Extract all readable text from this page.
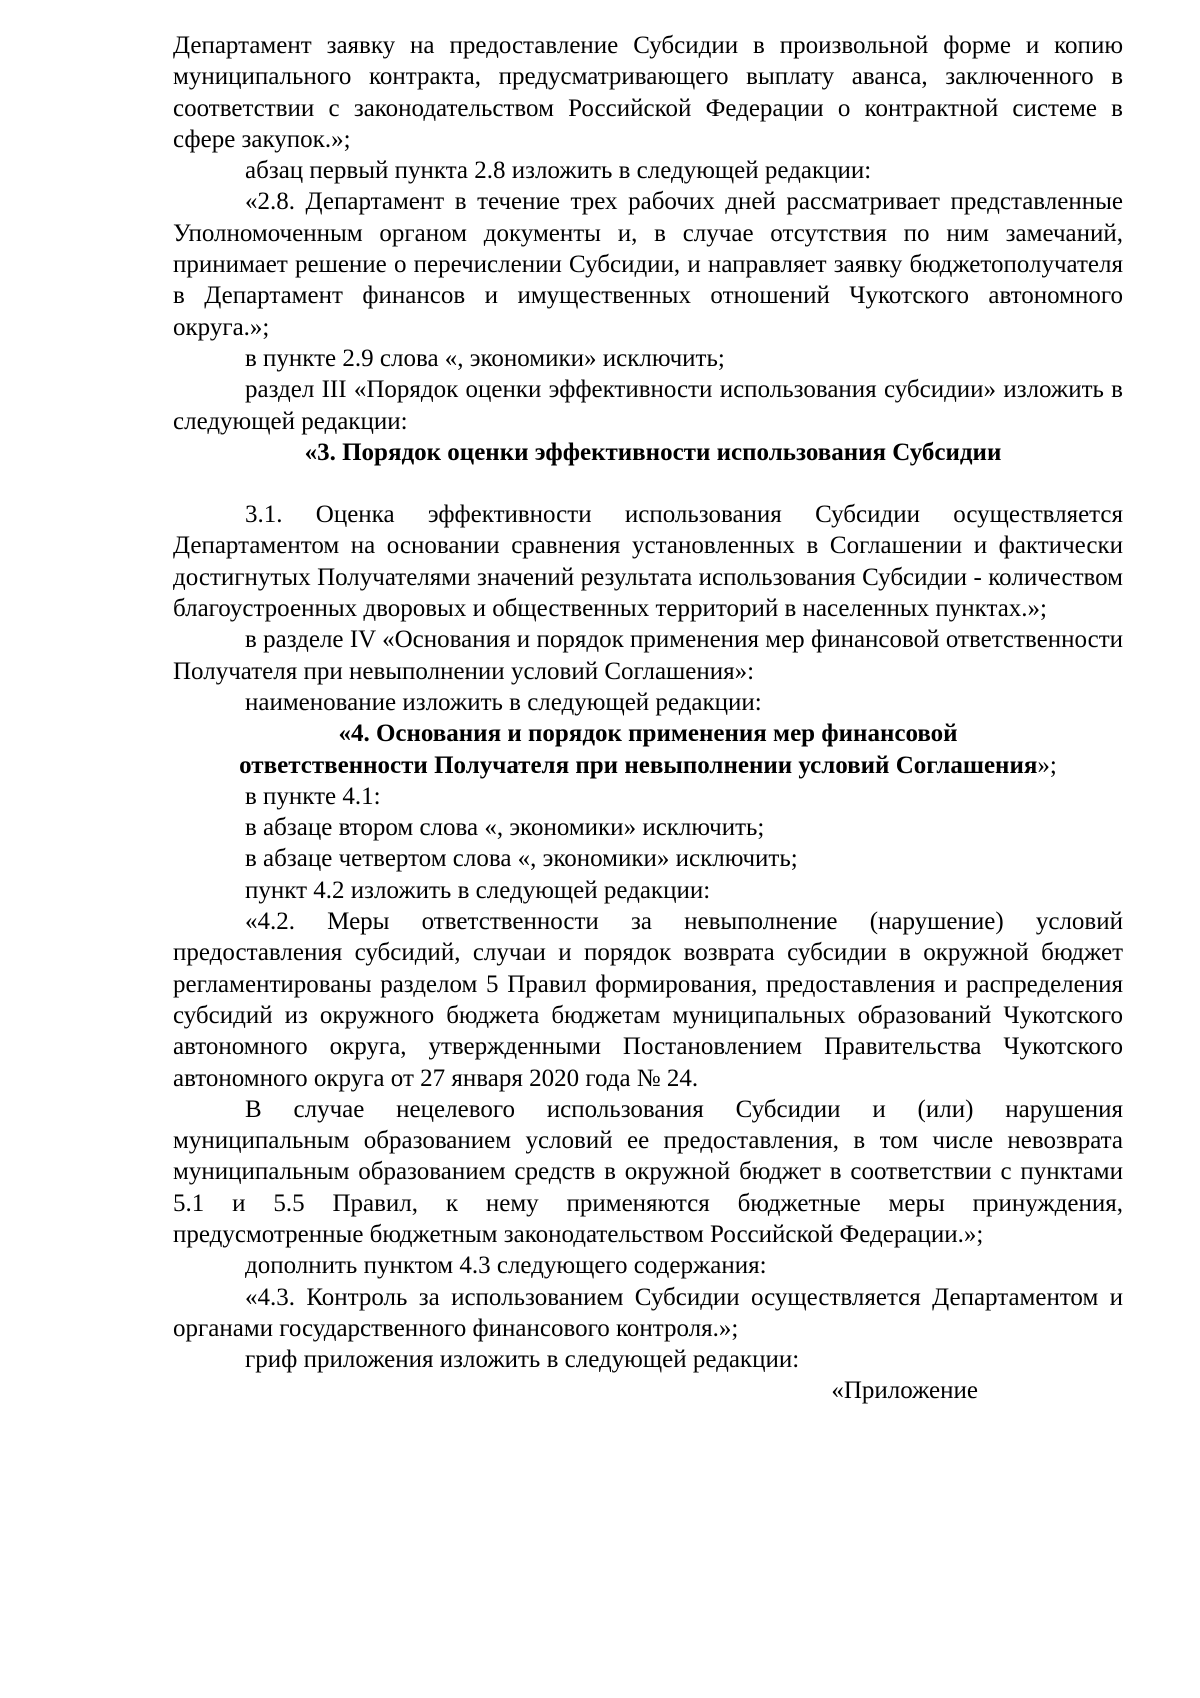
Департамент заявку на предоставление Субсидии в произвольной форме и копию муниципального контракта, предусматривающего выплату аванса, заключенного в соответствии с законодательством Российской Федерации о контрактной системе в сфере закупок.»;

абзац первый пункта 2.8 изложить в следующей редакции:

«2.8. Департамент в течение трех рабочих дней рассматривает представленные Уполномоченным органом документы и, в случае отсутствия по ним замечаний, принимает решение о перечислении Субсидии, и направляет заявку бюджетополучателя в Департамент финансов и имущественных отношений Чукотского автономного округа.»;

в пункте 2.9 слова «, экономики» исключить;

раздел III «Порядок оценки эффективности использования субсидии» изложить в следующей редакции:

«3. Порядок оценки эффективности использования Субсидии

3.1. Оценка эффективности использования Субсидии осуществляется Департаментом на основании сравнения установленных в Соглашении и фактически достигнутых Получателями значений результата использования Субсидии - количеством благоустроенных дворовых и общественных территорий в населенных пунктах.»;

в разделе IV «Основания и порядок применения мер финансовой ответственности Получателя при невыполнении условий Соглашения»:

наименование изложить в следующей редакции:

«4. Основания и порядок применения мер финансовой

ответственности Получателя при невыполнении условий Соглашения»;

в пункте 4.1:

в абзаце втором слова «, экономики» исключить;

в абзаце четвертом слова «, экономики» исключить;

пункт 4.2 изложить в следующей редакции:

«4.2. Меры ответственности за невыполнение (нарушение) условий предоставления субсидий, случаи и порядок возврата субсидии в окружной бюджет регламентированы разделом 5 Правил формирования, предоставления и распределения субсидий из окружного бюджета бюджетам муниципальных образований Чукотского автономного округа, утвержденными Постановлением Правительства Чукотского автономного округа от 27 января 2020 года № 24.

В случае нецелевого использования Субсидии и (или) нарушения муниципальным образованием условий ее предоставления, в том числе невозврата муниципальным образованием средств в окружной бюджет в соответствии с пунктами 5.1 и 5.5 Правил, к нему применяются бюджетные меры принуждения, предусмотренные бюджетным законодательством Российской Федерации.»;

дополнить пунктом 4.3 следующего содержания:

«4.3. Контроль за использованием Субсидии осуществляется Департаментом и органами государственного финансового контроля.»;

гриф приложения изложить в следующей редакции:

«Приложение
